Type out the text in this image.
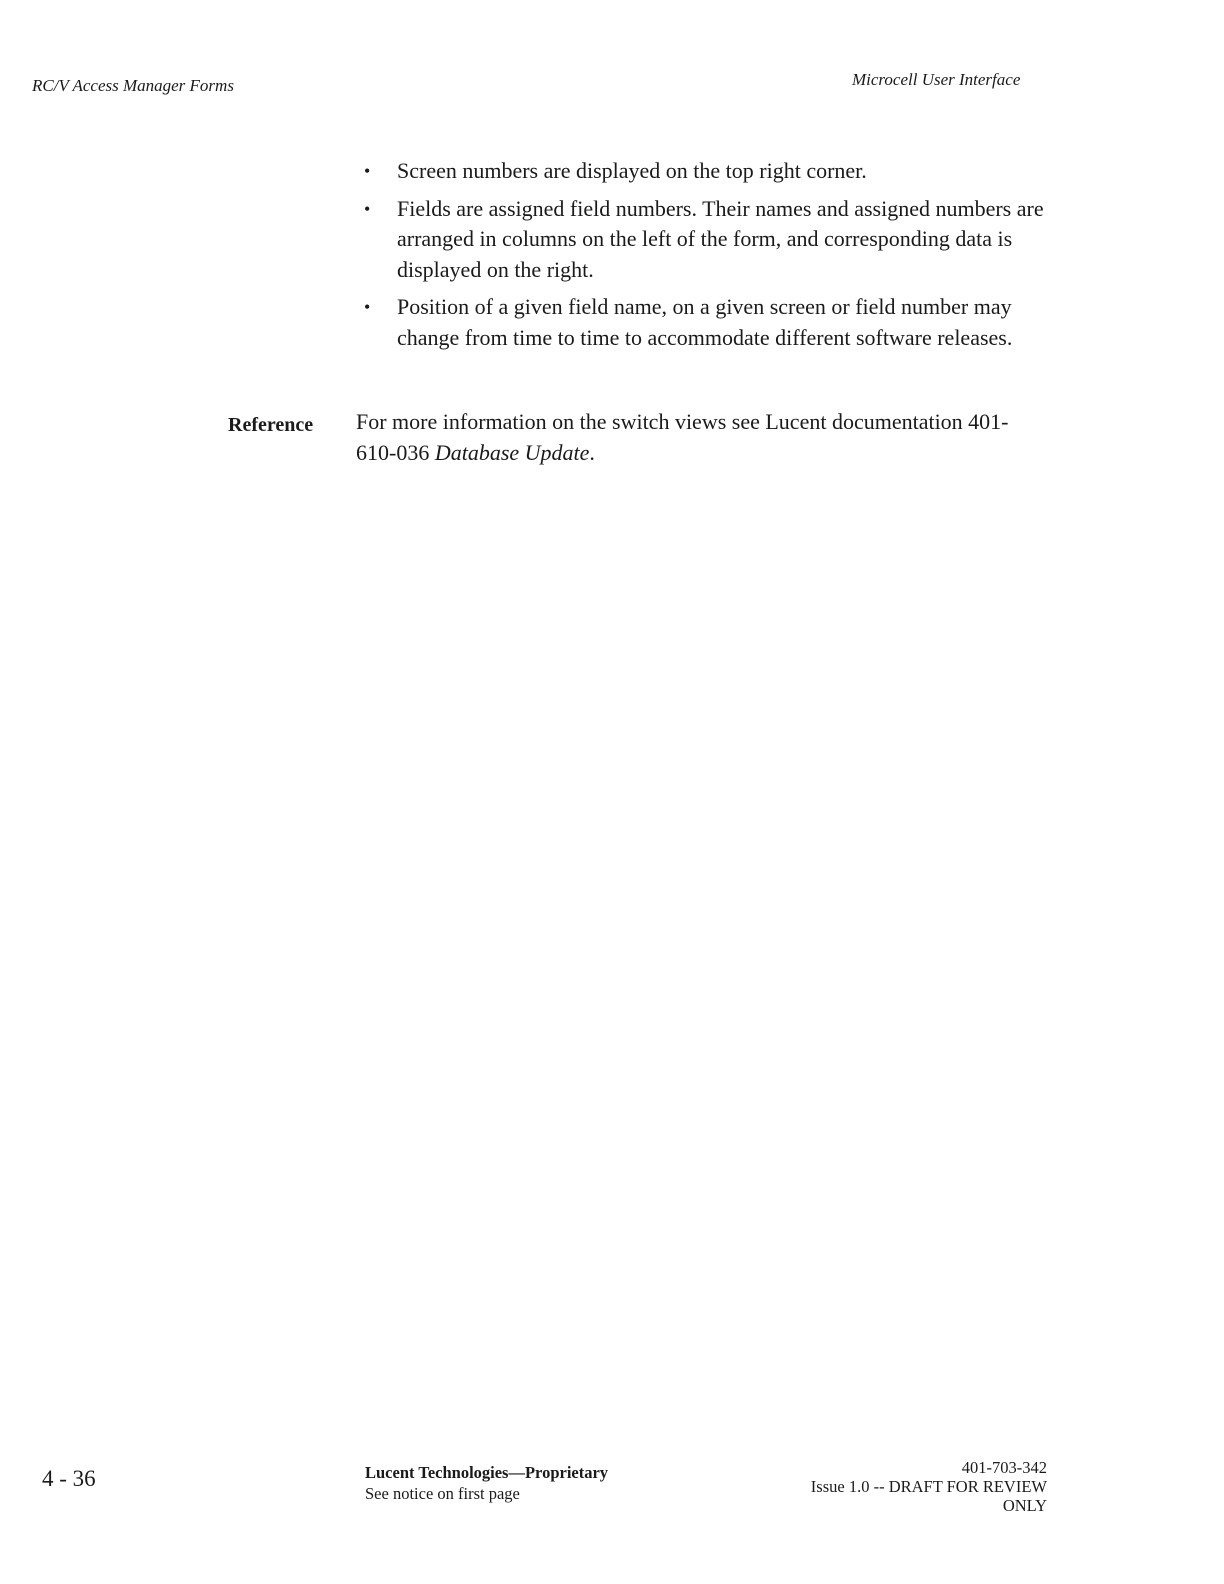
RC/V Access Manager Forms	Microcell User Interface
• Screen numbers are displayed on the top right corner.
• Fields are assigned field numbers. Their names and assigned numbers are arranged in columns on the left of the form, and corresponding data is displayed on the right.
• Position of a given field name, on a given screen or field number may change from time to time to accommodate different software releases.
Reference For more information on the switch views see Lucent documentation 401-610-036 Database Update.
4 - 36	Lucent Technologies—Proprietary
See notice on first page
401-703-342
Issue 1.0 -- DRAFT FOR REVIEW
ONLY
